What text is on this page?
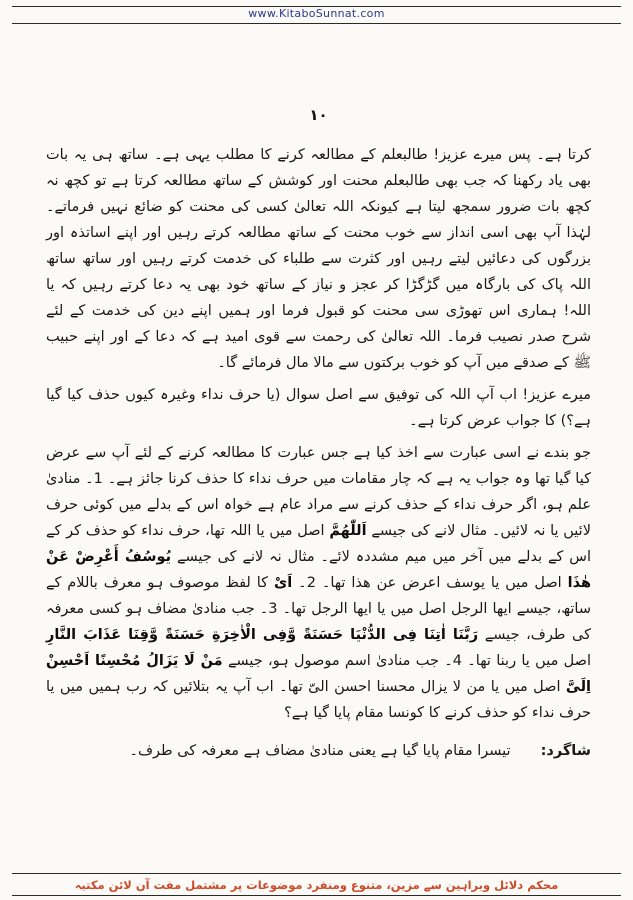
www.KitaboSunnat.com
۱۰

کرتا ہے۔ پس میرے عزیز! طالبعلم کے مطالعہ کرنے کا مطلب یہی ہے۔ ساتھ ہی یہ بات بھی یاد رکھنا کہ جب بھی طالبعلم محنت اور کوشش کے ساتھ مطالعہ کرتا ہے تو کچھ نہ کچھ بات ضرور سمجھ لیتا ہے کیونکہ اللہ تعالیٰ کسی کی محنت کو ضائع نہیں فرماتے۔ لہٰذا آپ بھی اسی انداز سے خوب محنت کے ساتھ مطالعہ کرتے رہیں اور اپنے اساتذہ اور بزرگوں کی دعائیں لیتے رہیں اور کثرت سے طلباء کی خدمت کرتے رہیں اور ساتھ ساتھ اللہ پاک کی بارگاہ میں گڑگڑا کر عجز و نیاز کے ساتھ خود بھی یہ دعا کرتے رہیں کہ یا اللہ! ہماری اس تھوڑی سی محنت کو قبول فرما اور ہمیں اپنے دین کی خدمت کے لئے شرح صدر نصیب فرما۔ اللہ تعالیٰ کی رحمت سے قوی امید ہے کہ دعا کے اور اپنے حبیب ﷺ کے صدقے میں آپ کو خوب برکتوں سے مالا مال فرمائے گا۔

میرے عزیز! اب آپ اللہ کی توفیق سے اصل سوال (یا حرف نداء وغیرہ کیوں حذف کیا گیا ہے؟) کا جواب عرض کرتا ہے۔

جو بندے نے اسی عبارت سے اخذ کیا ہے جس عبارت کا مطالعہ کرنے کے لئے آپ سے عرض کیا گیا تھا وہ جواب یہ ہے کہ چار مقامات میں حرف نداء کا حذف کرنا جائز ہے۔ 1۔ منادیٰ علم ہو، اگر حرف نداء کے حذف کرنے سے مراد عام ہے خواہ اس کے بدلے میں کوئی حرف لائیں یا نہ لائیں۔ مثال لانے کی جیسے اَللّٰهُمَّ اصل میں یا اللہ تھا، حرف نداء کو حذف کر کے اس کے بدلے میں آخر میں میم مشددہ لائے۔ مثال نہ لانے کی جیسے يُوسُفُ أَعْرِضْ عَنْ هٰذَا اصل میں یا یوسف اعرض عن ھذا تھا۔ 2۔ اَیْ کا لفظ موصوف ہو معرف باللام کے ساتھ، جیسے ایھا الرجل اصل میں یا ایھا الرجل تھا۔ 3۔ جب منادیٰ مضاف ہو کسی معرفہ کی طرف، جیسے رَبَّنَا اٰتِنَا فِی الدُّنْیَا حَسَنَةً وَّفِی الْاٰخِرَةِ حَسَنَةً وَّقِنَا عَذَابَ النَّارِ اصل میں یا ربنا تھا۔ 4۔ جب منادیٰ اسم موصول ہو، جیسے مَنْ لَا یَزَالُ مُحْسِنًا اَحْسِنْ اِلَیَّ اصل میں یا من لا یزال محسنا احسن الیّ تھا۔ اب آپ یہ بتلائیں کہ رب ہمیں میں یا حرف نداء کو حذف کرنے کا کونسا مقام پایا گیا ہے؟

شاگرد:تیسرا مقام پایا گیا ہے یعنی منادیٰ مضاف ہے معرفہ کی طرف۔

محکم دلائل وبراہین سے مزین، متنوع ومنفرد موضوعات پر مشتمل مفت آن لائن مکتبہ
